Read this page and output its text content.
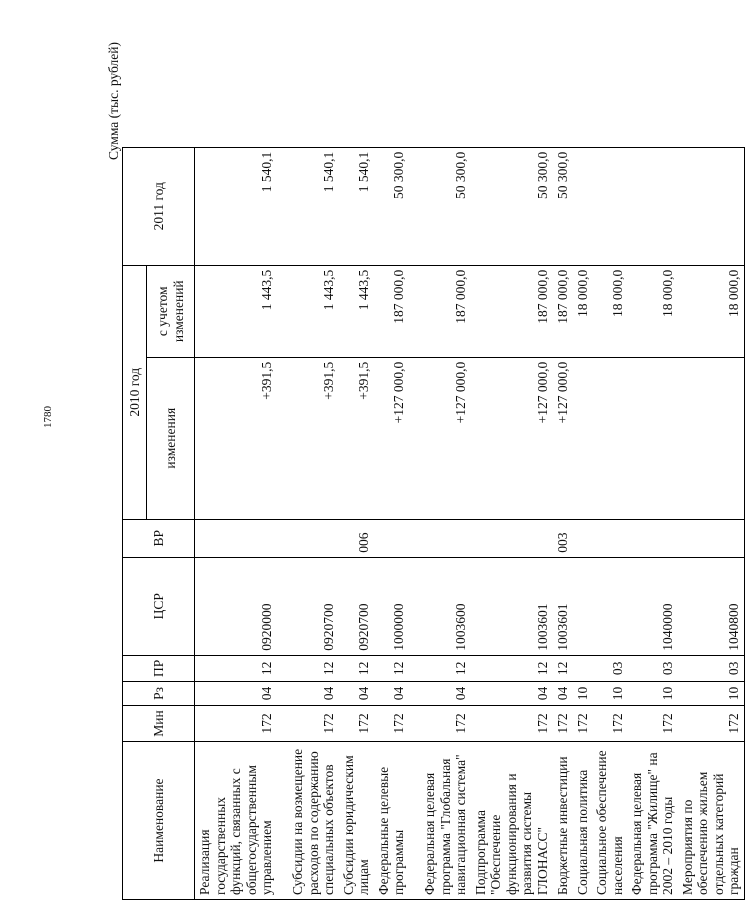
1780
Сумма (тыс. рублей)
Наименование	Мин	Рз	ПР	ЦСР	ВР	2010 год		2011 год
						изменения	с учетом изменений	
Реализация государственных функций, связанных с общегосударственным управлением	172	04	12	0920000		+391,5	1 443,5	1 540,1
Субсидии на возмещение расходов по содержанию специальных объектов	172	04	12	0920700		+391,5	1 443,5	1 540,1
Субсидии юридическим лицам	172	04	12	0920700	006	+391,5	1 443,5	1 540,1
Федеральные целевые программы	172	04	12	1000000		+127 000,0	187 000,0	50 300,0
Федеральная целевая программа "Глобальная навигационная система"	172	04	12	1003600		+127 000,0	187 000,0	50 300,0
Подпрограмма "Обеспечение функционирования и развития системы ГЛОНАСС"	172	04	12	1003601		+127 000,0	187 000,0	50 300,0
Бюджетные инвестиции	172	04	12	1003601	003	+127 000,0	187 000,0	50 300,0
Социальная политика	172	10					18 000,0	
Социальное обеспечение населения	172	10	03				18 000,0	
Федеральная целевая программа "Жилище" на 2002 – 2010 годы	172	10	03	1040000			18 000,0	
Мероприятия по обеспечению жильем отдельных категорий граждан	172	10	03	1040800			18 000,0	
